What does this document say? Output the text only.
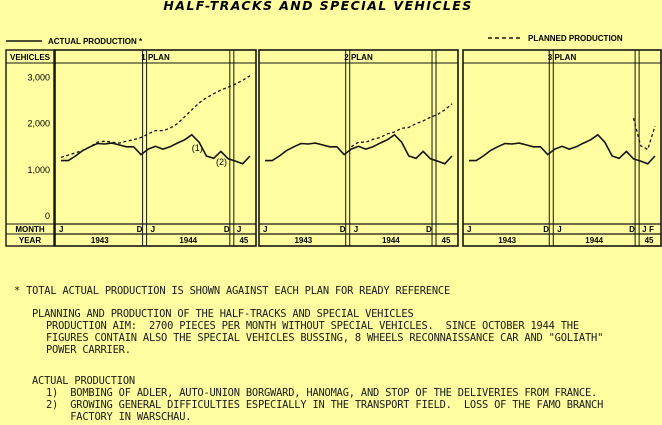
HALF-TRACKS AND SPECIAL VEHICLES
ACTUAL PRODUCTION *	PLANNED PRODUCTION
VEHICLES
MONTH
YEAR
3,000
2,000
1,000
0
1 PLAN
J	D J	D J
1943	1944	45
(1)
(2)
2 PLAN
J	D J	D
1943	1944	45
3 PLAN
J	D J	D J F
1943	1944	45
* TOTAL ACTUAL PRODUCTION IS SHOWN AGAINST EACH PLAN FOR READY REFERENCE
PLANNING AND PRODUCTION OF THE HALF-TRACKS AND SPECIAL VEHICLES
PRODUCTION AIM:  2700 PIECES PER MONTH WITHOUT SPECIAL VEHICLES.  SINCE OCTOBER 1944 THE
FIGURES CONTAIN ALSO THE SPECIAL VEHICLES BUSSING, 8 WHEELS RECONNAISSANCE CAR AND "GOLIATH"
POWER CARRIER.
ACTUAL PRODUCTION
1)  BOMBING OF ADLER, AUTO-UNION BORGWARD, HANOMAG, AND STOP OF THE DELIVERIES FROM FRANCE.
2)  GROWING GENERAL DIFFICULTIES ESPECIALLY IN THE TRANSPORT FIELD.  LOSS OF THE FAMO BRANCH
FACTORY IN WARSCHAU.
